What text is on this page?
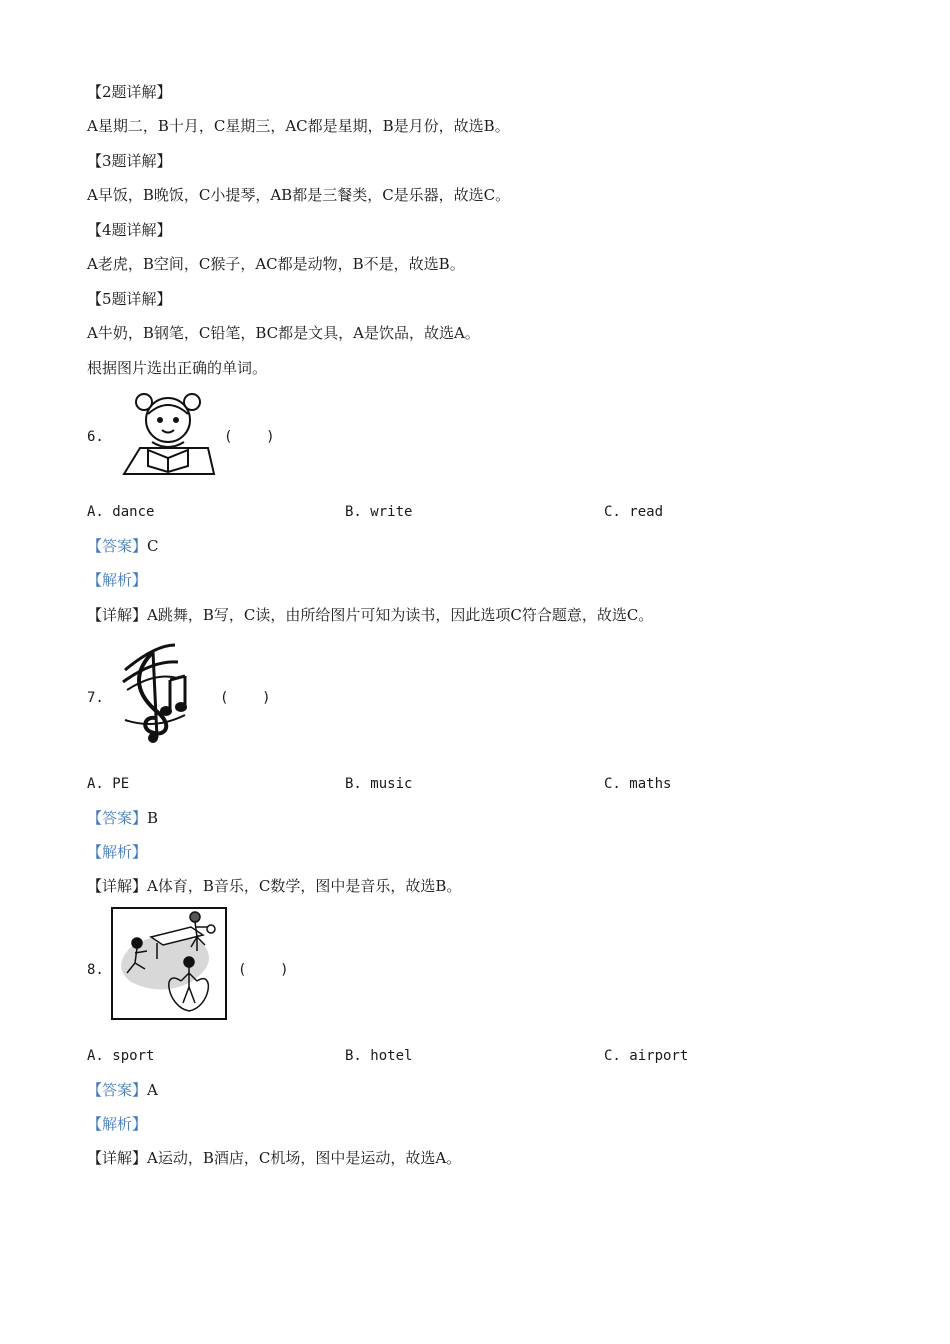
【2题详解】
A星期二，B十月，C星期三，AC都是星期，B是月份，故选B。
【3题详解】
A早饭，B晚饭，C小提琴，AB都是三餐类，C是乐器，故选C。
【4题详解】
A老虎，B空间，C猴子，AC都是动物，B不是，故选B。
【5题详解】
A牛奶，B钢笔，C铅笔，BC都是文具，A是饮品，故选A。
根据图片选出正确的单词。
6.	(    )
A. dance	B. write	C. read
【答案】C
【解析】
【详解】A跳舞，B写，C读，由所给图片可知为读书，因此选项C符合题意，故选C。
7.	(    )
A. PE	B. music	C. maths
【答案】B
【解析】
【详解】A体育，B音乐，C数学，图中是音乐，故选B。
8.	(    )
A. sport	B. hotel	C. airport
【答案】A
【解析】
【详解】A运动，B酒店，C机场，图中是运动，故选A。
